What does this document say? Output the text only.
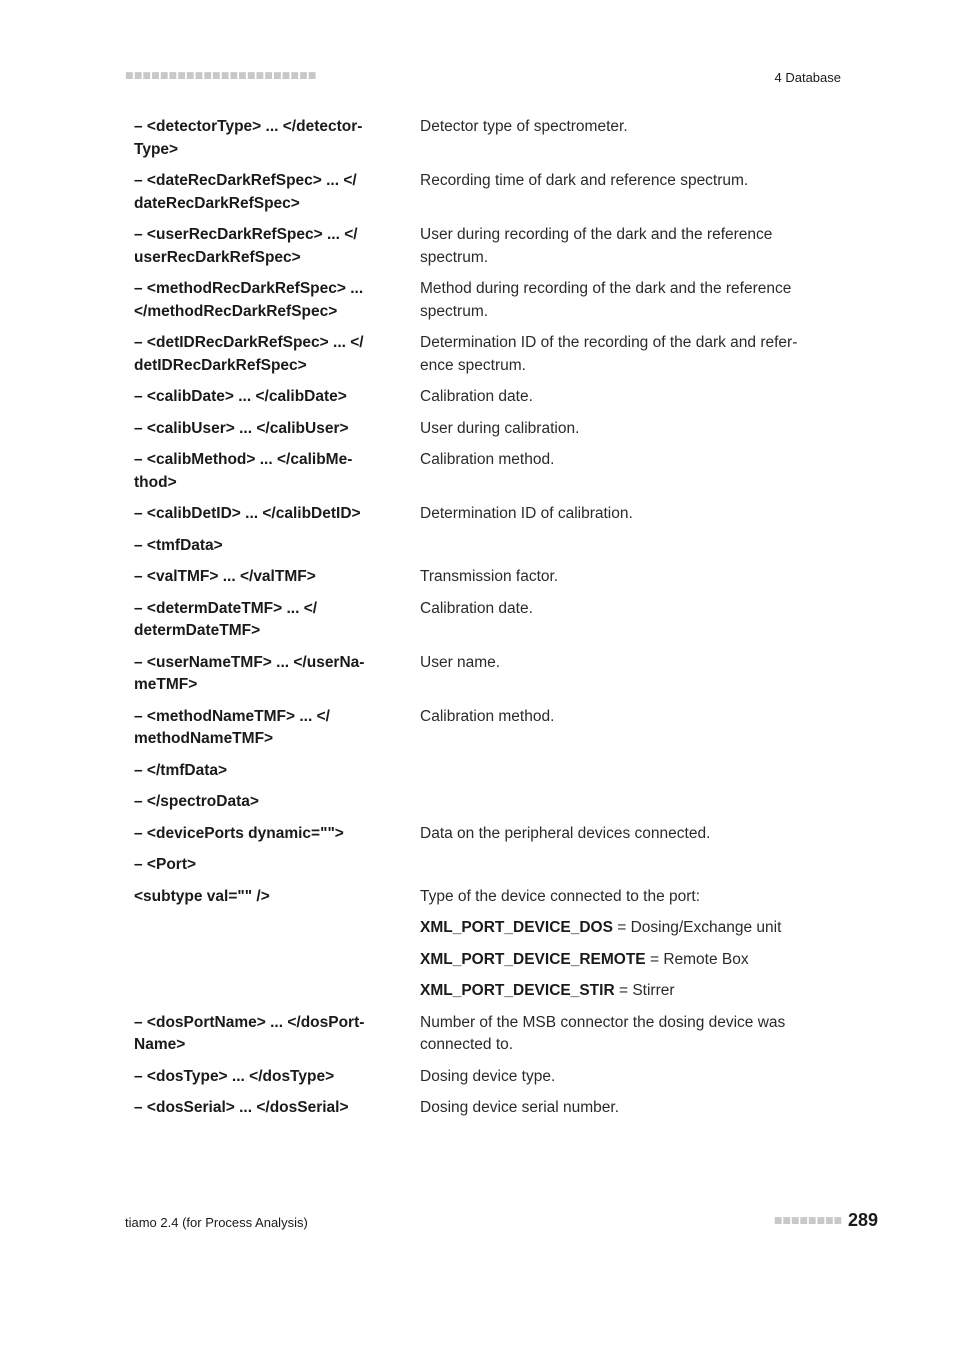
■■■■■■■■■■■■■■■■■■■■■■	4 Database
– <detectorType> ... </detector-
Type>	Detector type of spectrometer.
– <dateRecDarkRefSpec> ... </
dateRecDarkRefSpec>	Recording time of dark and reference spectrum.
– <userRecDarkRefSpec> ... </
userRecDarkRefSpec>	User during recording of the dark and the reference
spectrum.
– <methodRecDarkRefSpec> ...
</methodRecDarkRefSpec>	Method during recording of the dark and the reference
spectrum.
– <detIDRecDarkRefSpec> ... </
detIDRecDarkRefSpec>	Determination ID of the recording of the dark and refer-
ence spectrum.
– <calibDate> ... </calibDate>	Calibration date.
– <calibUser> ... </calibUser>	User during calibration.
– <calibMethod> ... </calibMe-
thod>	Calibration method.
– <calibDetID> ... </calibDetID>	Determination ID of calibration.
– <tmfData>	
– <valTMF> ... </valTMF>	Transmission factor.
– <determDateTMF> ... </
determDateTMF>	Calibration date.
– <userNameTMF> ... </userNa-
meTMF>	User name.
– <methodNameTMF> ... </
methodNameTMF>	Calibration method.
– </tmfData>	
– </spectroData>	
– <devicePorts dynamic="">	Data on the peripheral devices connected.
– <Port>	
<subtype val="" />	Type of the device connected to the port:
	XML_PORT_DEVICE_DOS = Dosing/Exchange unit
	XML_PORT_DEVICE_REMOTE = Remote Box
	XML_PORT_DEVICE_STIR = Stirrer
– <dosPortName> ... </dosPort-
Name>	Number of the MSB connector the dosing device was
connected to.
– <dosType> ... </dosType>	Dosing device type.
– <dosSerial> ... </dosSerial>	Dosing device serial number.
tiamo 2.4 (for Process Analysis)	■■■■■■■■ 289
